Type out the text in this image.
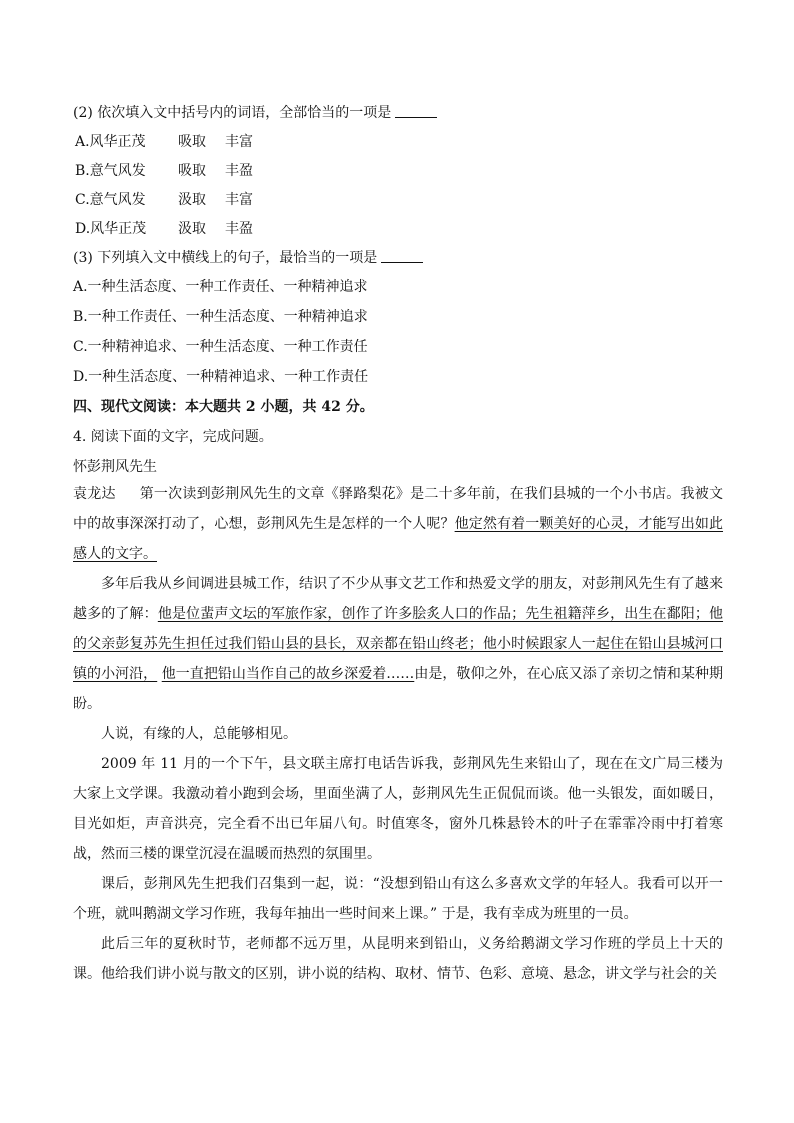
(2) 依次填入文中括号内的词语，全部恰当的一项是
A.风华正茂 吸取 丰富
B.意气风发 吸取 丰盈
C.意气风发 汲取 丰富
D.风华正茂 汲取 丰盈
(3) 下列填入文中横线上的句子，最恰当的一项是
A.一种生活态度、一种工作责任、一种精神追求
B.一种工作责任、一种生活态度、一种精神追求
C.一种精神追求、一种生活态度、一种工作责任
D.一种生活态度、一种精神追求、一种工作责任
四、现代文阅读：本大题共 2 小题，共 42 分。
4. 阅读下面的文字，完成问题。
怀彭荆风先生

袁龙达 第一次读到彭荆风先生的文章《驿路梨花》是二十多年前，在我们县城的一个小书店。我被文中的故事深深打动了，心想，彭荆风先生是怎样的一个人呢？他定然有着一颗美好的心灵，才能写出如此感人的文字。

多年后我从乡间调进县城工作，结识了不少从事文艺工作和热爱文学的朋友，对彭荆风先生有了越来越多的了解：他是位蜚声文坛的军旅作家，创作了许多脍炙人口的作品；先生祖籍萍乡，出生在鄱阳；他的父亲彭复苏先生担任过我们铅山县的县长，双亲都在铅山终老；他小时候跟家人一起住在铅山县城河口镇的小河沿， 他一直把铅山当作自己的故乡深爱着……由是，敬仰之外，在心底又添了亲切之情和某种期盼。

人说，有缘的人，总能够相见。

2009 年 11 月的一个下午，县文联主席打电话告诉我，彭荆风先生来铅山了，现在在文广局三楼为大家上文学课。我激动着小跑到会场，里面坐满了人，彭荆风先生正侃侃而谈。他一头银发，面如暖日，目光如炬，声音洪亮，完全看不出已年届八旬。时值寒冬，窗外几株悬铃木的叶子在霏霏冷雨中打着寒战，然而三楼的课堂沉浸在温暖而热烈的氛围里。

课后，彭荆风先生把我们召集到一起，说：“没想到铅山有这么多喜欢文学的年轻人。我看可以开一个班，就叫鹅湖文学习作班，我每年抽出一些时间来上课。” 于是，我有幸成为班里的一员。

此后三年的夏秋时节，老师都不远万里，从昆明来到铅山，义务给鹅湖文学习作班的学员上十天的课。他给我们讲小说与散文的区别，讲小说的结构、取材、情节、色彩、意境、悬念，讲文学与社会的关
